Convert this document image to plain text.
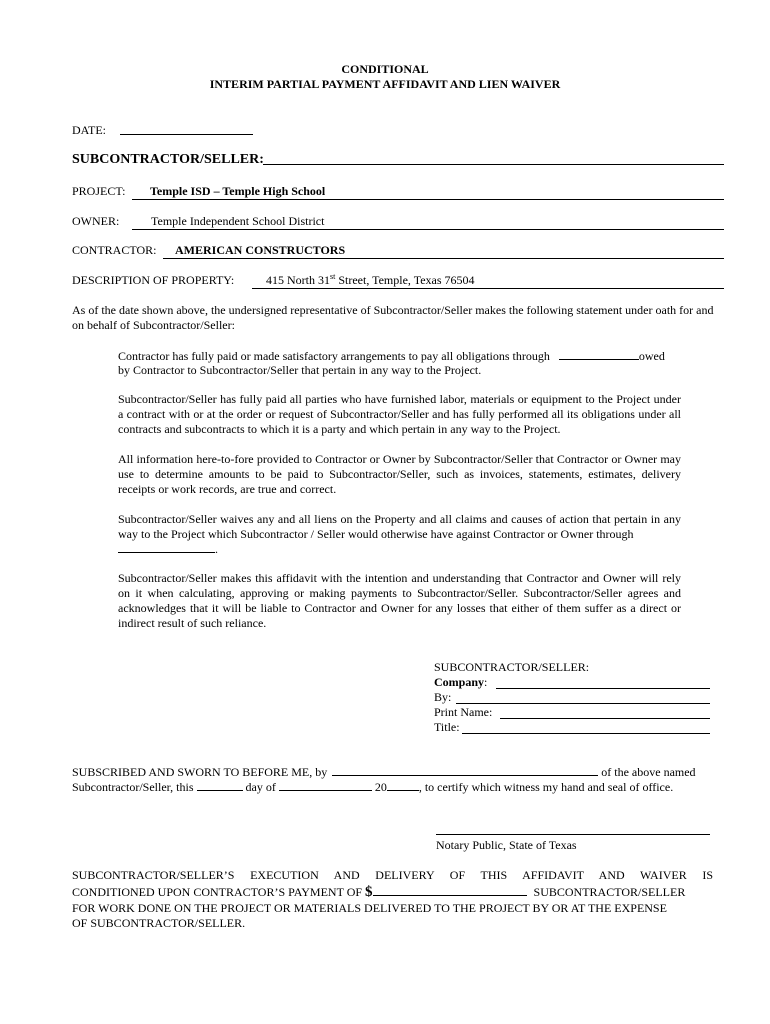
CONDITIONAL
INTERIM PARTIAL PAYMENT AFFIDAVIT AND LIEN WAIVER
DATE:
SUBCONTRACTOR/SELLER:
PROJECT: Temple ISD – Temple High School
OWNER:	Temple Independent School District
CONTRACTOR: AMERICAN CONSTRUCTORS
DESCRIPTION OF PROPERTY:	415 North 31st Street, Temple, Texas 76504
As of the date shown above, the undersigned representative of Subcontractor/Seller makes the following statement under oath for and on behalf of Subcontractor/Seller:
Contractor has fully paid or made satisfactory arrangements to pay all obligations through	owed
by Contractor to Subcontractor/Seller that pertain in any way to the Project.
Subcontractor/Seller has fully paid all parties who have furnished labor, materials or equipment to the Project under a contract with or at the order or request of Subcontractor/Seller and has fully performed all its obligations under all contracts and subcontracts to which it is a party and which pertain in any way to the Project.
All information here-to-fore provided to Contractor or Owner by Subcontractor/Seller that Contractor or Owner may use to determine amounts to be paid to Subcontractor/Seller, such as invoices, statements, estimates, delivery receipts or work records, are true and correct.
Subcontractor/Seller waives any and all liens on the Property and all claims and causes of action that pertain in any way to the Project which Subcontractor / Seller would otherwise have against Contractor or Owner through
.
Subcontractor/Seller makes this affidavit with the intention and understanding that Contractor and Owner will rely on it when calculating, approving or making payments to Subcontractor/Seller. Subcontractor/Seller agrees and acknowledges that it will be liable to Contractor and Owner for any losses that either of them suffer as a direct or indirect result of such reliance.
SUBCONTRACTOR/SELLER:
Company:
By:
Print Name:
Title:
SUBSCRIBED AND SWORN TO BEFORE ME, by	of the above named
Subcontractor/Seller, this	day of	20	, to certify which witness my hand and seal of office.
Notary Public, State of Texas
SUBCONTRACTOR/SELLER’S EXECUTION AND DELIVERY OF THIS AFFIDAVIT AND WAIVER IS
CONDITIONED UPON CONTRACTOR’S PAYMENT OF $	SUBCONTRACTOR/SELLER
FOR WORK DONE ON THE PROJECT OR MATERIALS DELIVERED TO THE PROJECT BY OR AT THE EXPENSE
OF SUBCONTRACTOR/SELLER.
